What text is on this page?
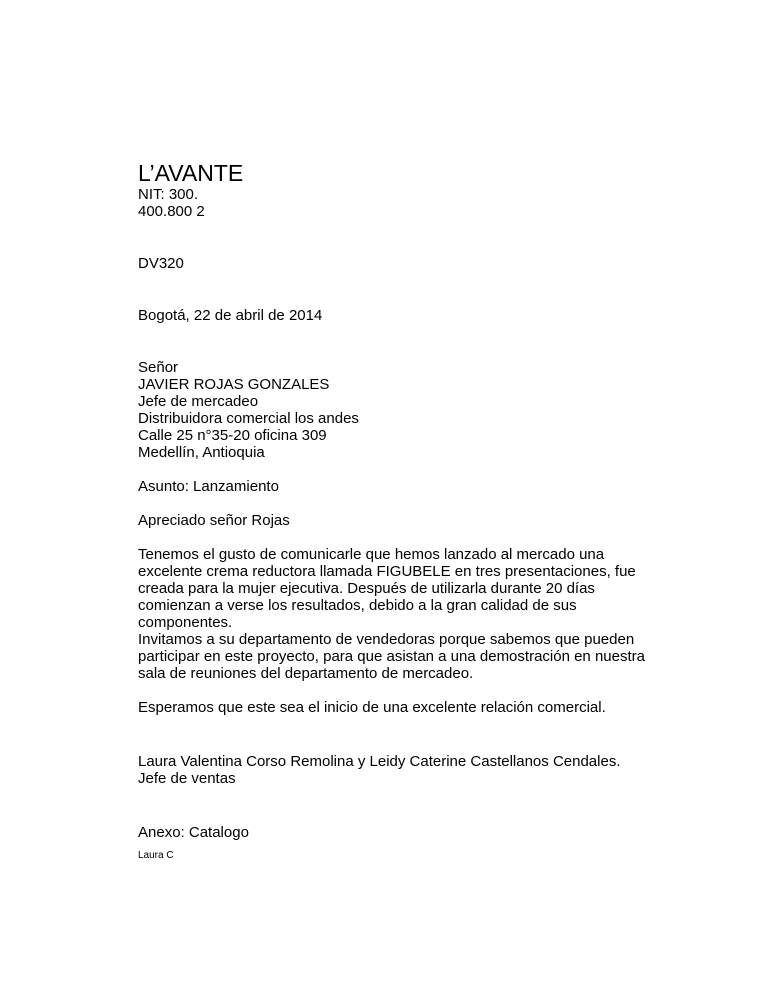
L’AVANTE
NIT: 300.
400.800 2
DV320
Bogotá, 22 de abril de 2014
Señor
JAVIER ROJAS GONZALES
Jefe de mercadeo
Distribuidora comercial los andes
Calle 25 n°35-20 oficina 309
Medellín, Antioquia
Asunto: Lanzamiento
Apreciado señor Rojas
Tenemos el gusto de comunicarle que hemos lanzado al mercado una
excelente crema reductora llamada FIGUBELE en tres presentaciones, fue
creada para la mujer ejecutiva. Después de utilizarla durante 20 días
comienzan a verse los resultados, debido a la gran calidad de sus
componentes.
Invitamos a su departamento de vendedoras porque sabemos que pueden
participar en este proyecto, para que asistan a una demostración en nuestra
sala de reuniones del departamento de mercadeo.
Esperamos que este sea el inicio de una excelente relación comercial.
Laura Valentina Corso Remolina y Leidy Caterine Castellanos Cendales.
Jefe de ventas
Anexo: Catalogo
Laura C
